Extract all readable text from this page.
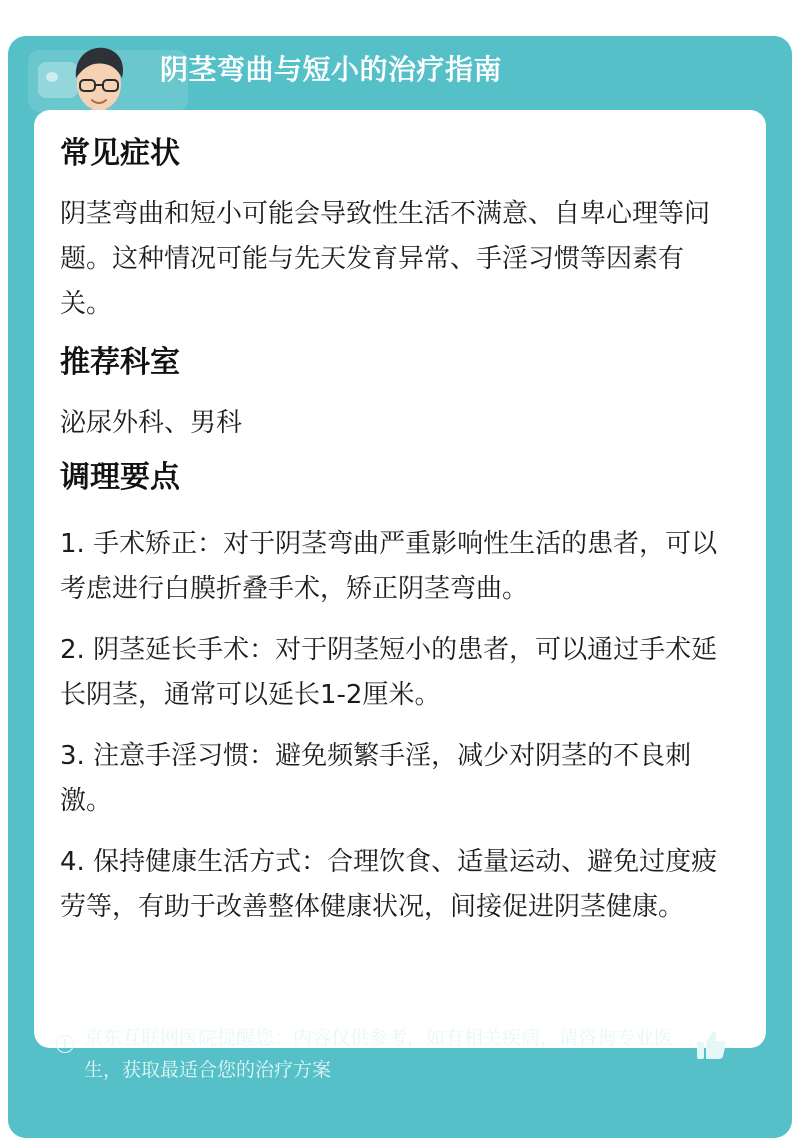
阴茎弯曲与短小的治疗指南
常见症状

阴茎弯曲和短小可能会导致性生活不满意、自卑心理等问题。这种情况可能与先天发育异常、手淫习惯等因素有关。

推荐科室

泌尿外科、男科

调理要点

1. 手术矫正：对于阴茎弯曲严重影响性生活的患者，可以考虑进行白膜折叠手术，矫正阴茎弯曲。

2. 阴茎延长手术：对于阴茎短小的患者，可以通过手术延长阴茎，通常可以延长1-2厘米。

3. 注意手淫习惯：避免频繁手淫，减少对阴茎的不良刺激。

4. 保持健康生活方式：合理饮食、适量运动、避免过度疲劳等，有助于改善整体健康状况，间接促进阴茎健康。

京东互联网医院提醒您：内容仅供参考，如有相关疾病，请咨询专业医生，获取最适合您的治疗方案
!
